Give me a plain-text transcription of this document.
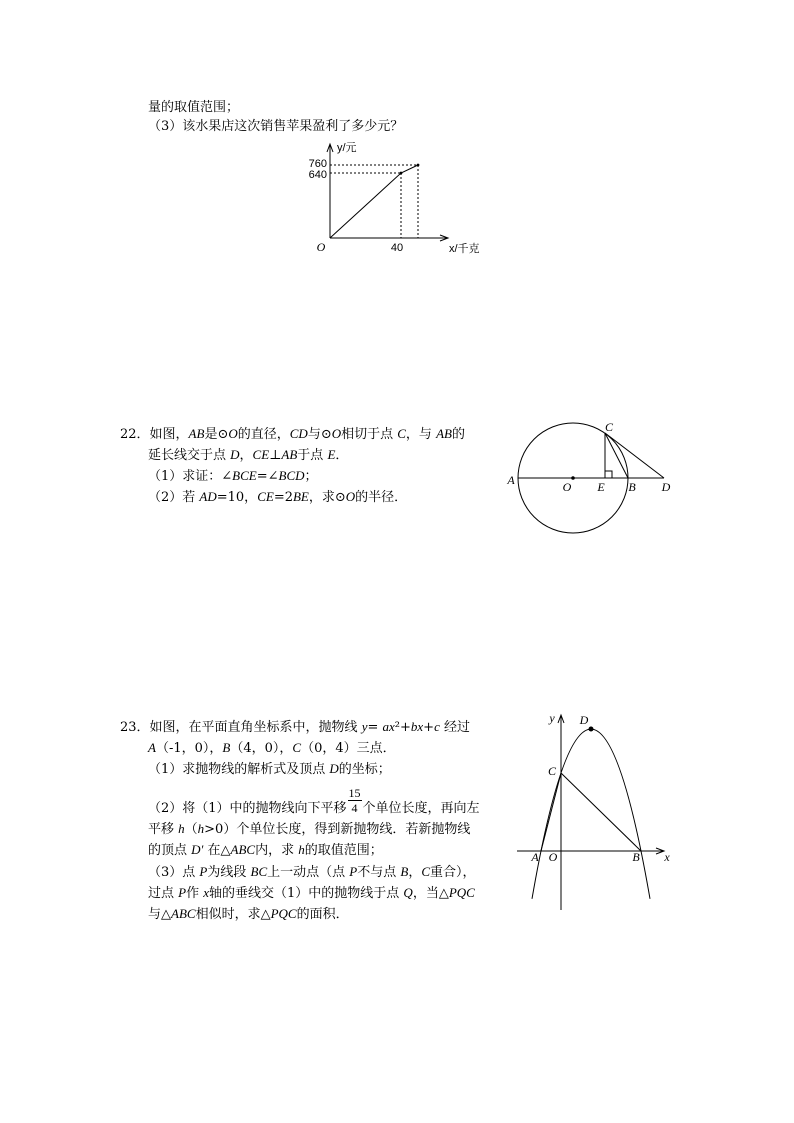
量的取值范围；
（3）该水果店这次销售苹果盈利了多少元？
y/元
x/千克
760
640
40
O
22．如图，AB是⊙O的直径，CD与⊙O相切于点 C，与 AB的
延长线交于点 D，CE⊥AB于点 E．
（1）求证：∠BCE=∠BCD；
（2）若 AD=10，CE=2BE，求⊙O的半径．
A	O E B D
C
23．如图，在平面直角坐标系中，抛物线 y= ax²+bx+c 经过
A（-1，0），B（4，0），C（0，4）三点．
（1）求抛物线的解析式及顶点 D的坐标；
（2）将（1）中的抛物线向下平移 $\frac{15}{4}$ 个单位长度，再向左
平移 h（h>0）个单位长度，得到新抛物线．若新抛物线
的顶点 D′ 在△ABC内，求 h的取值范围；
（3）点 P为线段 BC上一动点（点 P不与点 B，C重合），
过点 P作 x轴的垂线交（1）中的抛物线于点 Q，当△PQC
与△ABC相似时，求△PQC的面积．
y
x
A O	B
C
D
